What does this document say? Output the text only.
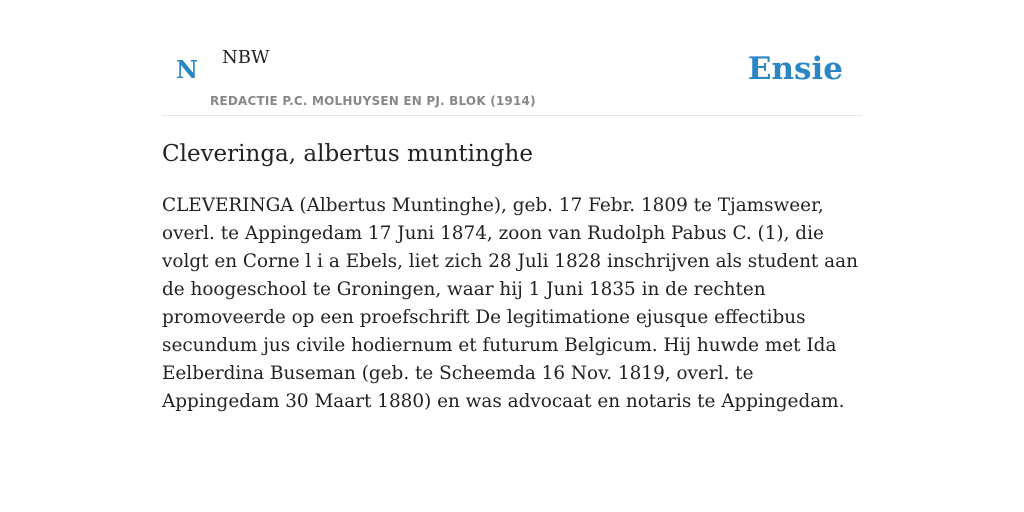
N NBW
REDACTIE P.C. MOLHUYSEN EN PJ. BLOK (1914)
Ensie
Cleveringa, albertus muntinghe

CLEVERINGA (Albertus Muntinghe), geb. 17 Febr. 1809 te Tjamsweer, overl. te Appingedam 17 Juni 1874, zoon van Rudolph Pabus C. (1), die volgt en Corne l i a Ebels, liet zich 28 Juli 1828 inschrijven als student aan de hoogeschool te Groningen, waar hij 1 Juni 1835 in de rechten promoveerde op een proefschrift De legitimatione ejusque effectibus secundum jus civile hodiernum et futurum Belgicum. Hij huwde met Ida Eelberdina Buseman (geb. te Scheemda 16 Nov. 1819, overl. te Appingedam 30 Maart 1880) en was advocaat en notaris te Appingedam.
